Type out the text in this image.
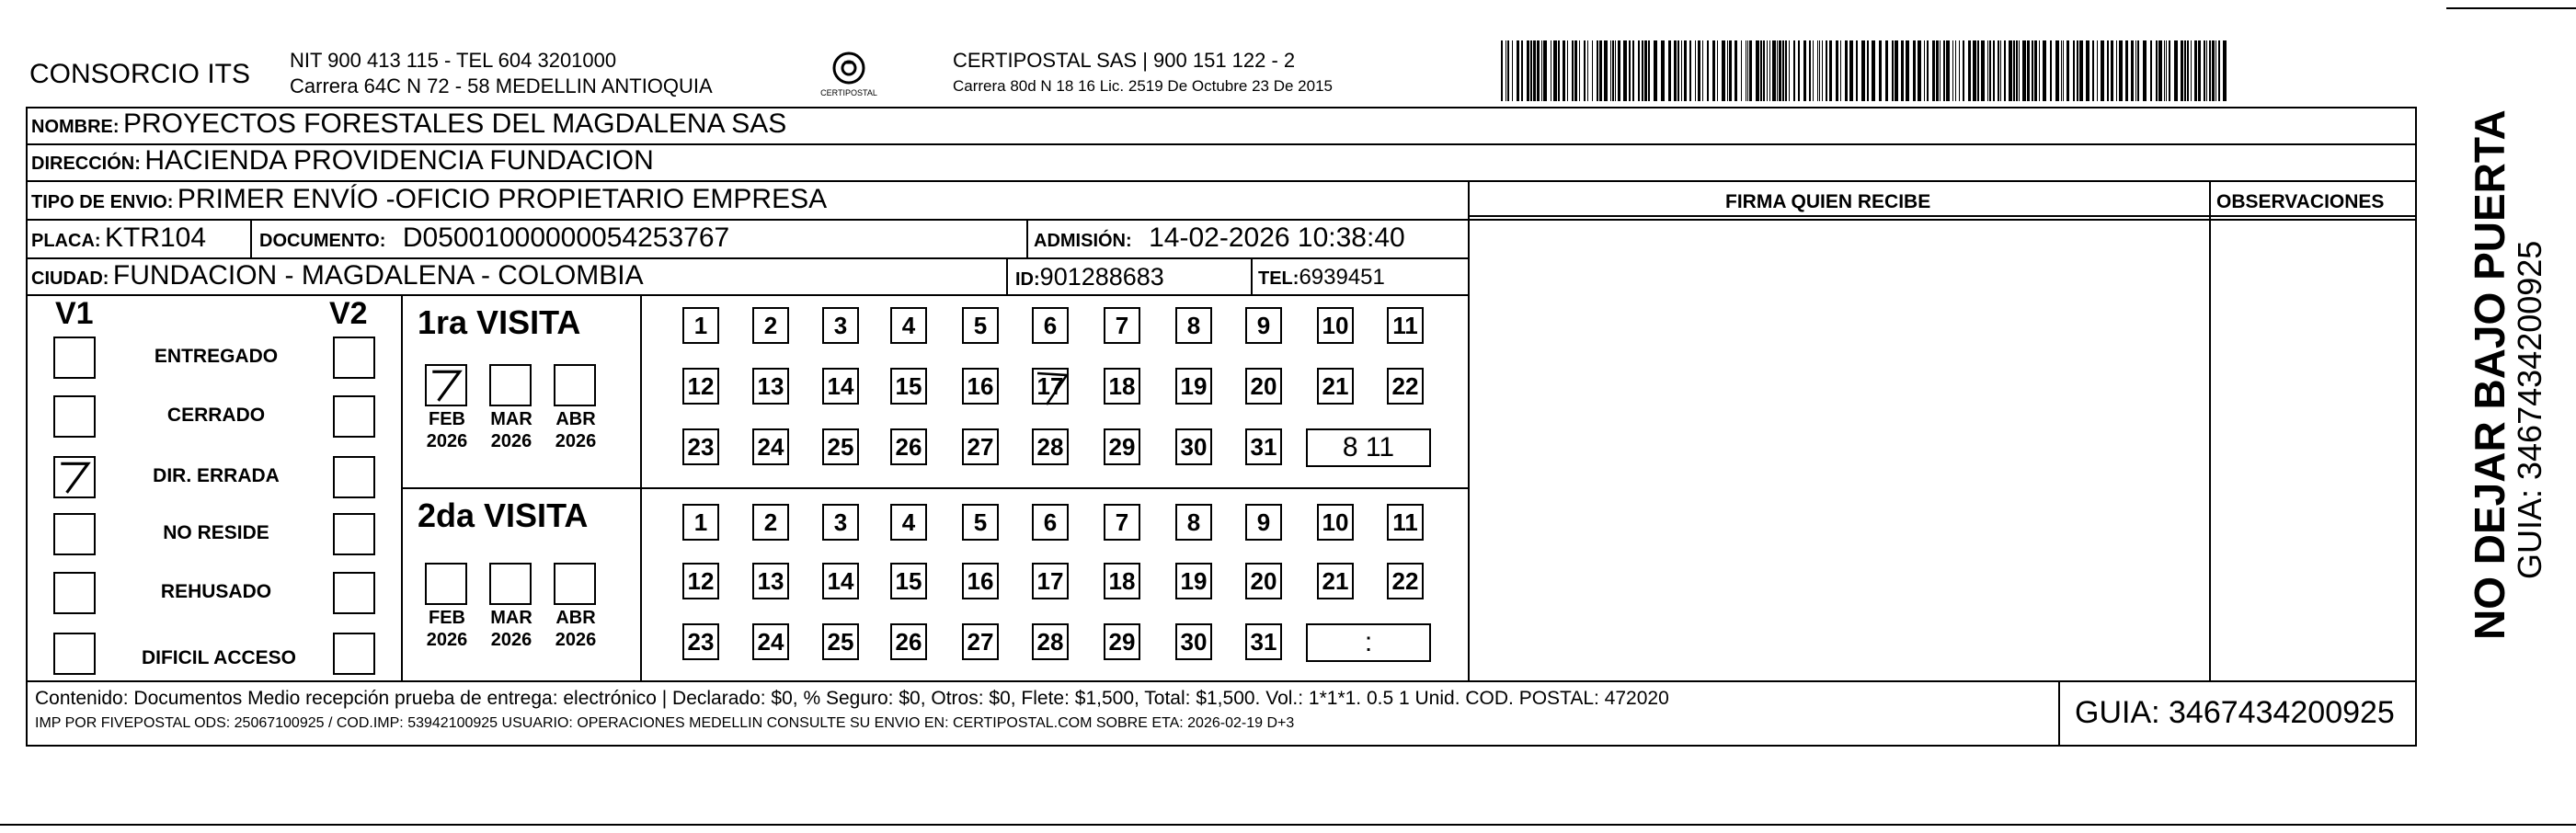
CONSORCIO ITS NIT 900 413 115 - TEL 604 3201000
Carrera 64C N 72 - 58 MEDELLIN ANTIOQUIA	CERTIPOSTAL
CERTIPOSTAL SAS | 900 151 122 - 2
Carrera 80d N 18 16 Lic. 2519 De Octubre 23 De 2015
NOMBRE: PROYECTOS FORESTALES DEL MAGDALENA SAS
DIRECCIÓN: HACIENDA PROVIDENCIA FUNDACION
TIPO DE ENVIO: PRIMER ENVÍO -OFICIO PROPIETARIO EMPRESA	FIRMA QUIEN RECIBE	OBSERVACIONES
PLACA: KTR104	DOCUMENTO: D05001000000054253767	ADMISIÓN: 14-02-2026 10:38:40
CIUDAD: FUNDACION - MAGDALENA - COLOMBIA	ID:901288683	TEL:6939451
V1	V2
ENTREGADO
CERRADO
DIR. ERRADA
NO RESIDE
REHUSADO
DIFICIL ACCESO
1ra VISITA
2da VISITA
FEB
2026
MAR
2026
ABR
2026
FEB
2026
MAR
2026
ABR
2026
1	2	3	4	5	6	7	8	9	10 11
12 13 14 15 16 17 18 19 20 21 22
23 24 25 26 27 28 29 30 31	8 11
1	2	3	4	5	6	7	8	9	10 11
12 13 14 15 16 17 18 19 20 21 22
23 24 25 26 27 28 29 30 31	:
Contenido: Documentos Medio recepción prueba de entrega: electrónico | Declarado: $0, % Seguro: $0, Otros: $0, Flete: $1,500, Total: $1,500. Vol.: 1*1*1. 0.5 1 Unid. COD. POSTAL: 472020
IMP POR FIVEPOSTAL ODS: 25067100925 / COD.IMP: 53942100925 USUARIO: OPERACIONES MEDELLIN CONSULTE SU ENVIO EN: CERTIPOSTAL.COM SOBRE ETA: 2026-02-19 D+3	GUIA: 3467434200925
NO DEJAR BAJO PUERTA
GUIA: 3467434200925
